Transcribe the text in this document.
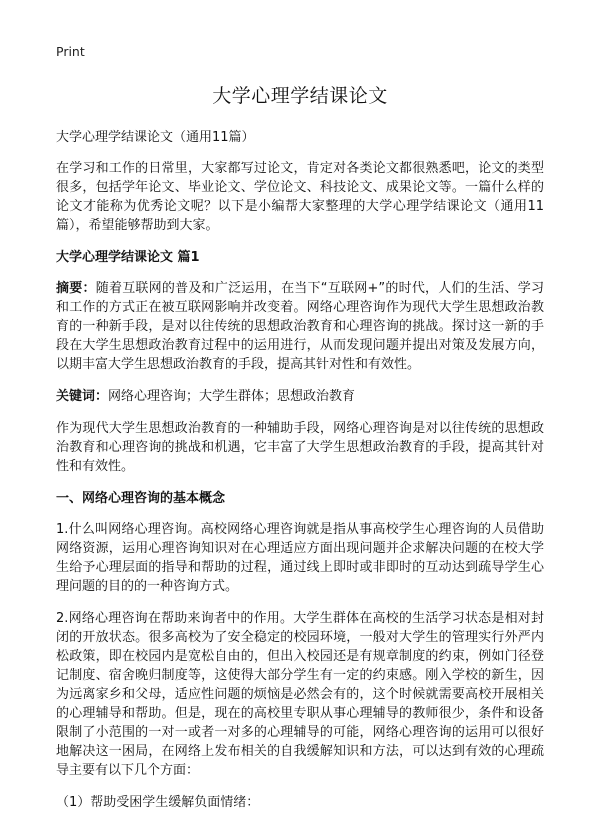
Print
大学心理学结课论文

大学心理学结课论文（通用11篇）

在学习和工作的日常里，大家都写过论文，肯定对各类论文都很熟悉吧，论文的类型很多，包括学年论文、毕业论文、学位论文、科技论文、成果论文等。一篇什么样的论文才能称为优秀论文呢？以下是小编帮大家整理的大学心理学结课论文（通用11篇），希望能够帮助到大家。

大学心理学结课论文 篇1

摘要：随着互联网的普及和广泛运用，在当下“互联网+”的时代，人们的生活、学习和工作的方式正在被互联网影响并改变着。网络心理咨询作为现代大学生思想政治教育的一种新手段，是对以往传统的思想政治教育和心理咨询的挑战。探讨这一新的手段在大学生思想政治教育过程中的运用进行，从而发现问题并提出对策及发展方向，以期丰富大学生思想政治教育的手段，提高其针对性和有效性。

关键词：网络心理咨询；大学生群体；思想政治教育

作为现代大学生思想政治教育的一种辅助手段，网络心理咨询是对以往传统的思想政治教育和心理咨询的挑战和机遇，它丰富了大学生思想政治教育的手段，提高其针对性和有效性。

一、网络心理咨询的基本概念

1.什么叫网络心理咨询。高校网络心理咨询就是指从事高校学生心理咨询的人员借助网络资源，运用心理咨询知识对在心理适应方面出现问题并企求解决问题的在校大学生给予心理层面的指导和帮助的过程，通过线上即时或非即时的互动达到疏导学生心理问题的目的的一种咨询方式。

2.网络心理咨询在帮助来询者中的作用。大学生群体在高校的生活学习状态是相对封闭的开放状态。很多高校为了安全稳定的校园环境，一般对大学生的管理实行外严内松政策，即在校园内是宽松自由的，但出入校园还是有规章制度的约束，例如门径登记制度、宿舍晚归制度等，这使得大部分学生有一定的约束感。刚入学校的新生，因为远离家乡和父母，适应性问题的烦恼是必然会有的，这个时候就需要高校开展相关的心理辅导和帮助。但是，现在的高校里专职从事心理辅导的教师很少，条件和设备限制了小范围的一对一或者一对多的心理辅导的可能，网络心理咨询的运用可以很好地解决这一困局，在网络上发布相关的自我缓解知识和方法，可以达到有效的心理疏导主要有以下几个方面：

（1）帮助受困学生缓解负面情绪：
